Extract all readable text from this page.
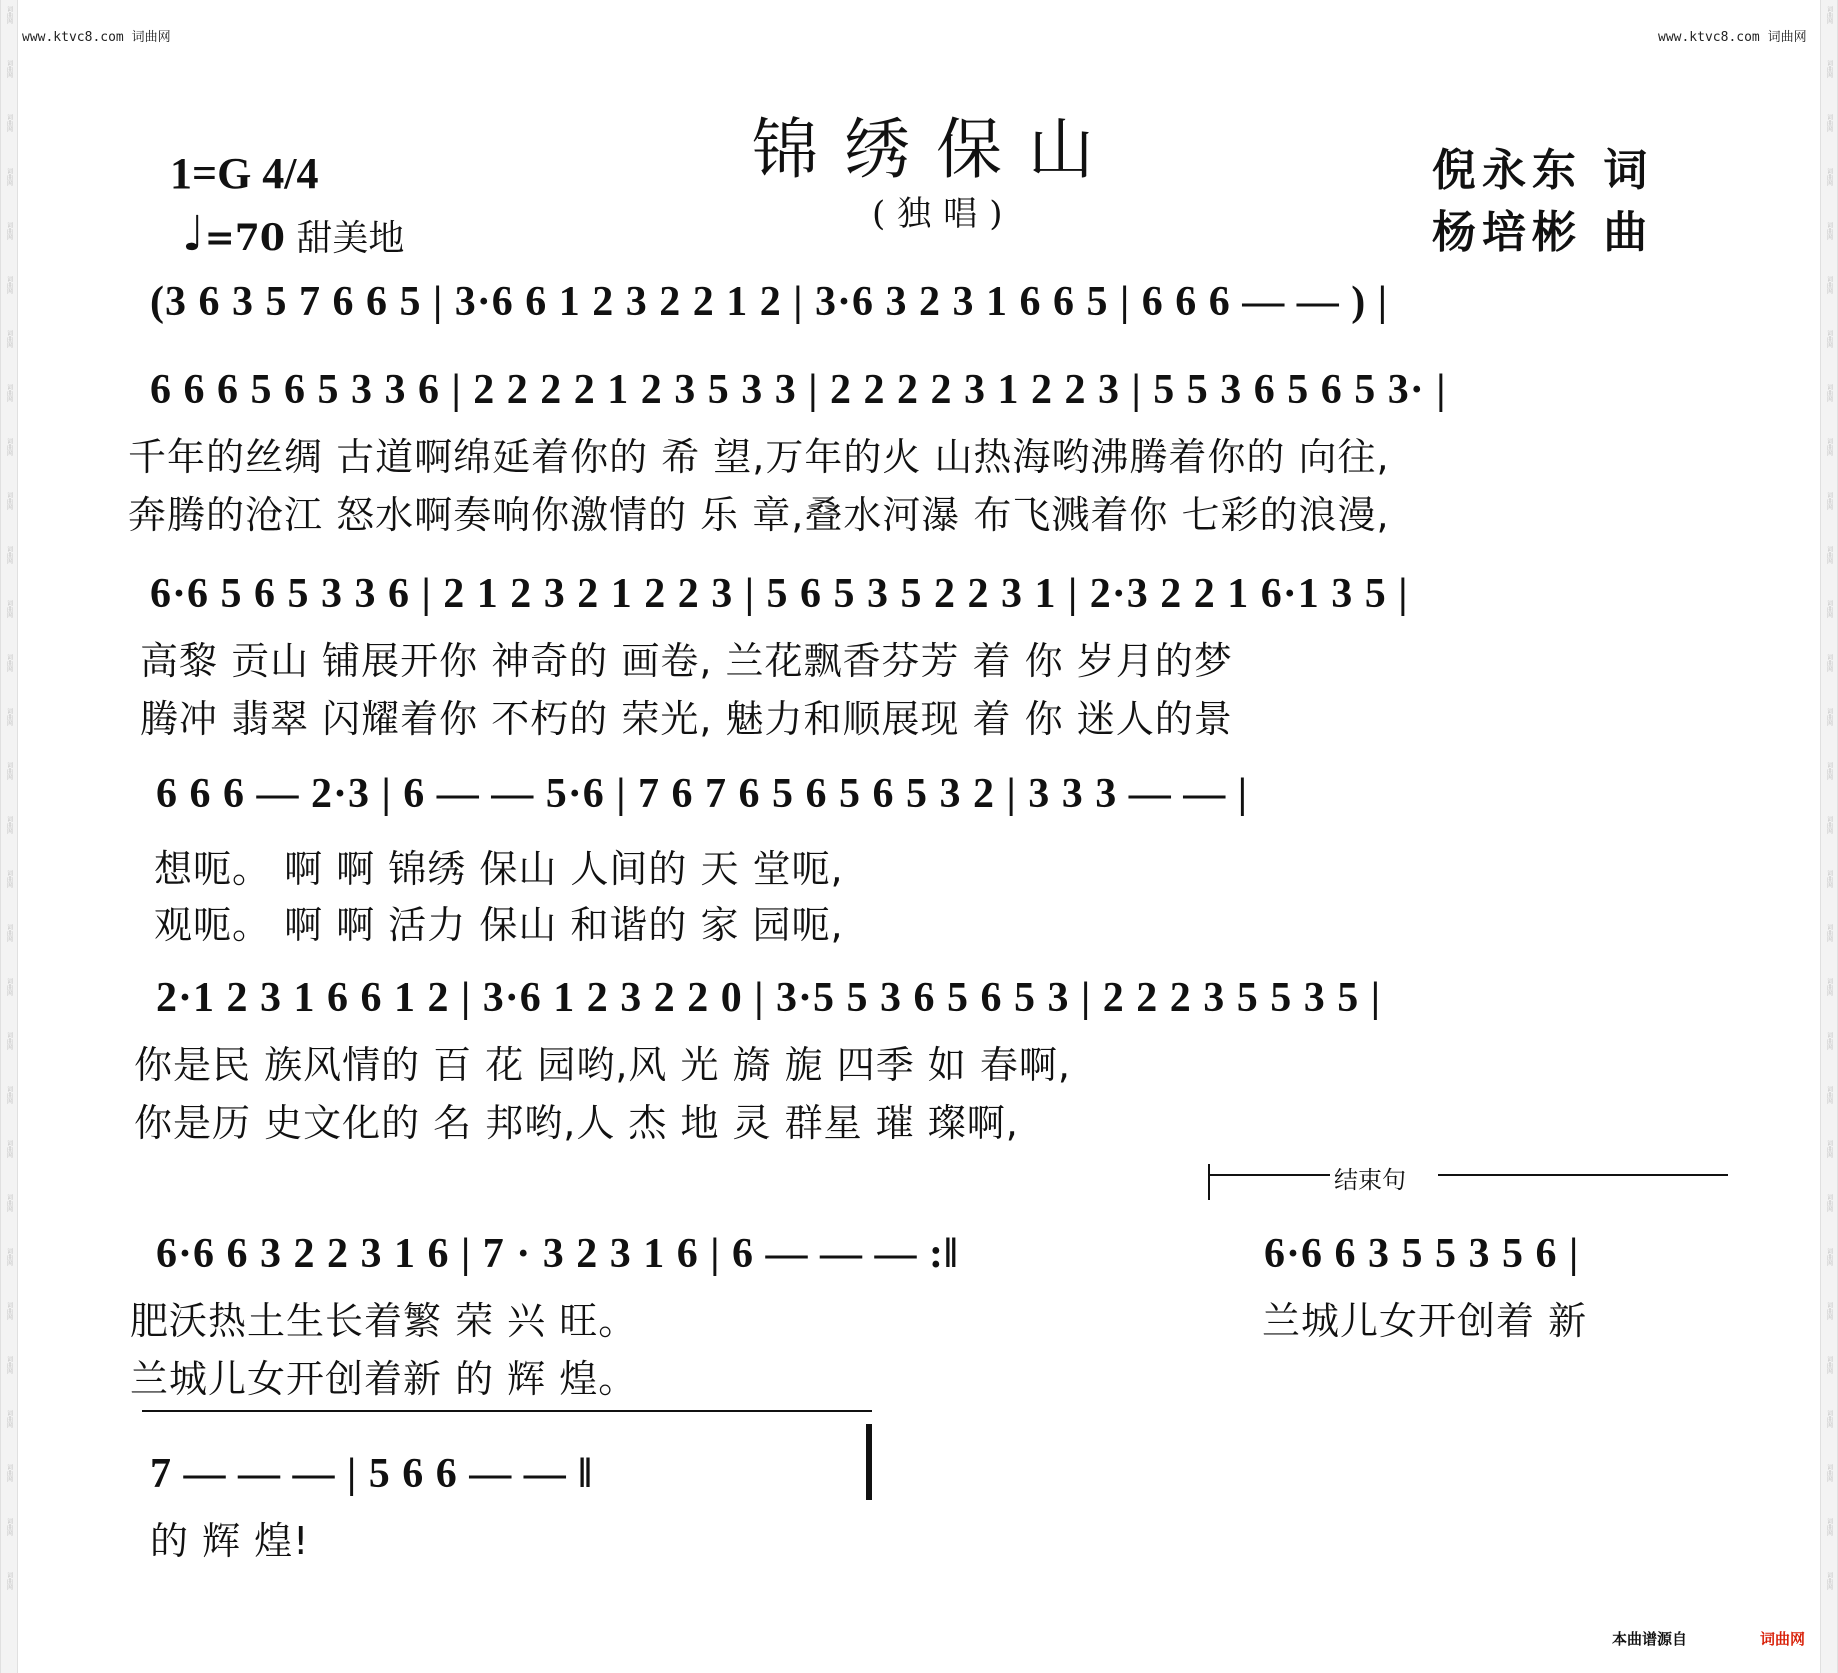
词曲网
词曲网
词曲网
词曲网
词曲网
词曲网
词曲网
词曲网
词曲网
词曲网
词曲网
词曲网
词曲网
词曲网
词曲网
词曲网
词曲网
词曲网
词曲网
词曲网
词曲网
词曲网
词曲网
词曲网
词曲网
词曲网
词曲网
词曲网
词曲网
词曲网
词曲网
词曲网
词曲网
词曲网
词曲网
词曲网
词曲网
词曲网
词曲网
词曲网
词曲网
词曲网
词曲网
词曲网
词曲网
词曲网
词曲网
词曲网
词曲网
词曲网
词曲网
词曲网
词曲网
词曲网
词曲网
词曲网
词曲网
词曲网
词曲网
词曲网
www.ktvc8.com 词曲网	www.ktvc8.com 词曲网
锦绣保山
(独唱)
1=G 4/4
♩=70 甜美地
倪永东 词
杨培彬 曲
(3 6 3 5 7 6 6 5 | 3·6 6 1 2 3 2 2 1 2 | 3·6 3 2 3 1 6 6 5 | 6 6 6 — — ) |
6 6 6 5 6 5 3 3 6 | 2 2 2 2 1 2 3 5 3 3 | 2 2 2 2 3 1 2 2 3 | 5 5 3 6 5 6 5 3· |
千年的丝绸 古道啊绵延着你的 希 望,万年的火 山热海哟沸腾着你的 向往,
奔腾的沧江 怒水啊奏响你激情的 乐 章,叠水河瀑 布飞溅着你 七彩的浪漫,
6·6 5 6 5 3 3 6 | 2 1 2 3 2 1 2 2 3 | 5 6 5 3 5 2 2 3 1 | 2·3 2 2 1 6·1 3 5 |
高黎 贡山 铺展开你 神奇的 画卷, 兰花飘香芬芳 着 你 岁月的梦
腾冲 翡翠 闪耀着你 不朽的 荣光, 魅力和顺展现 着 你 迷人的景
6 6 6 — 2·3 | 6 — — 5·6 | 7 6 7 6 5 6 5 6 5 3 2 | 3 3 3 — — |
想呃。 啊 啊 锦绣 保山 人间的 天 堂呃,
观呃。 啊 啊 活力 保山 和谐的 家 园呃,
2·1 2 3 1 6 6 1 2 | 3·6 1 2 3 2 2 0 | 3·5 5 3 6 5 6 5 3 | 2 2 2 3 5 5 3 5 |
你是民 族风情的 百 花 园哟,风 光 旖 旎 四季 如 春啊,
你是历 史文化的 名 邦哟,人 杰 地 灵 群星 璀 璨啊,
结束句
6·6 6 3 2 2 3 1 6 | 7 · 3 2 3 1 6 | 6 — — — :‖	6·6 6 3 5 5 3 5 6 |
肥沃热土生长着繁 荣 兴 旺。	兰城儿女开创着 新
兰城儿女开创着新 的 辉 煌。
7 — — — | 5 6 6 — — ‖
的 辉 煌!
本曲谱源自	词曲网
